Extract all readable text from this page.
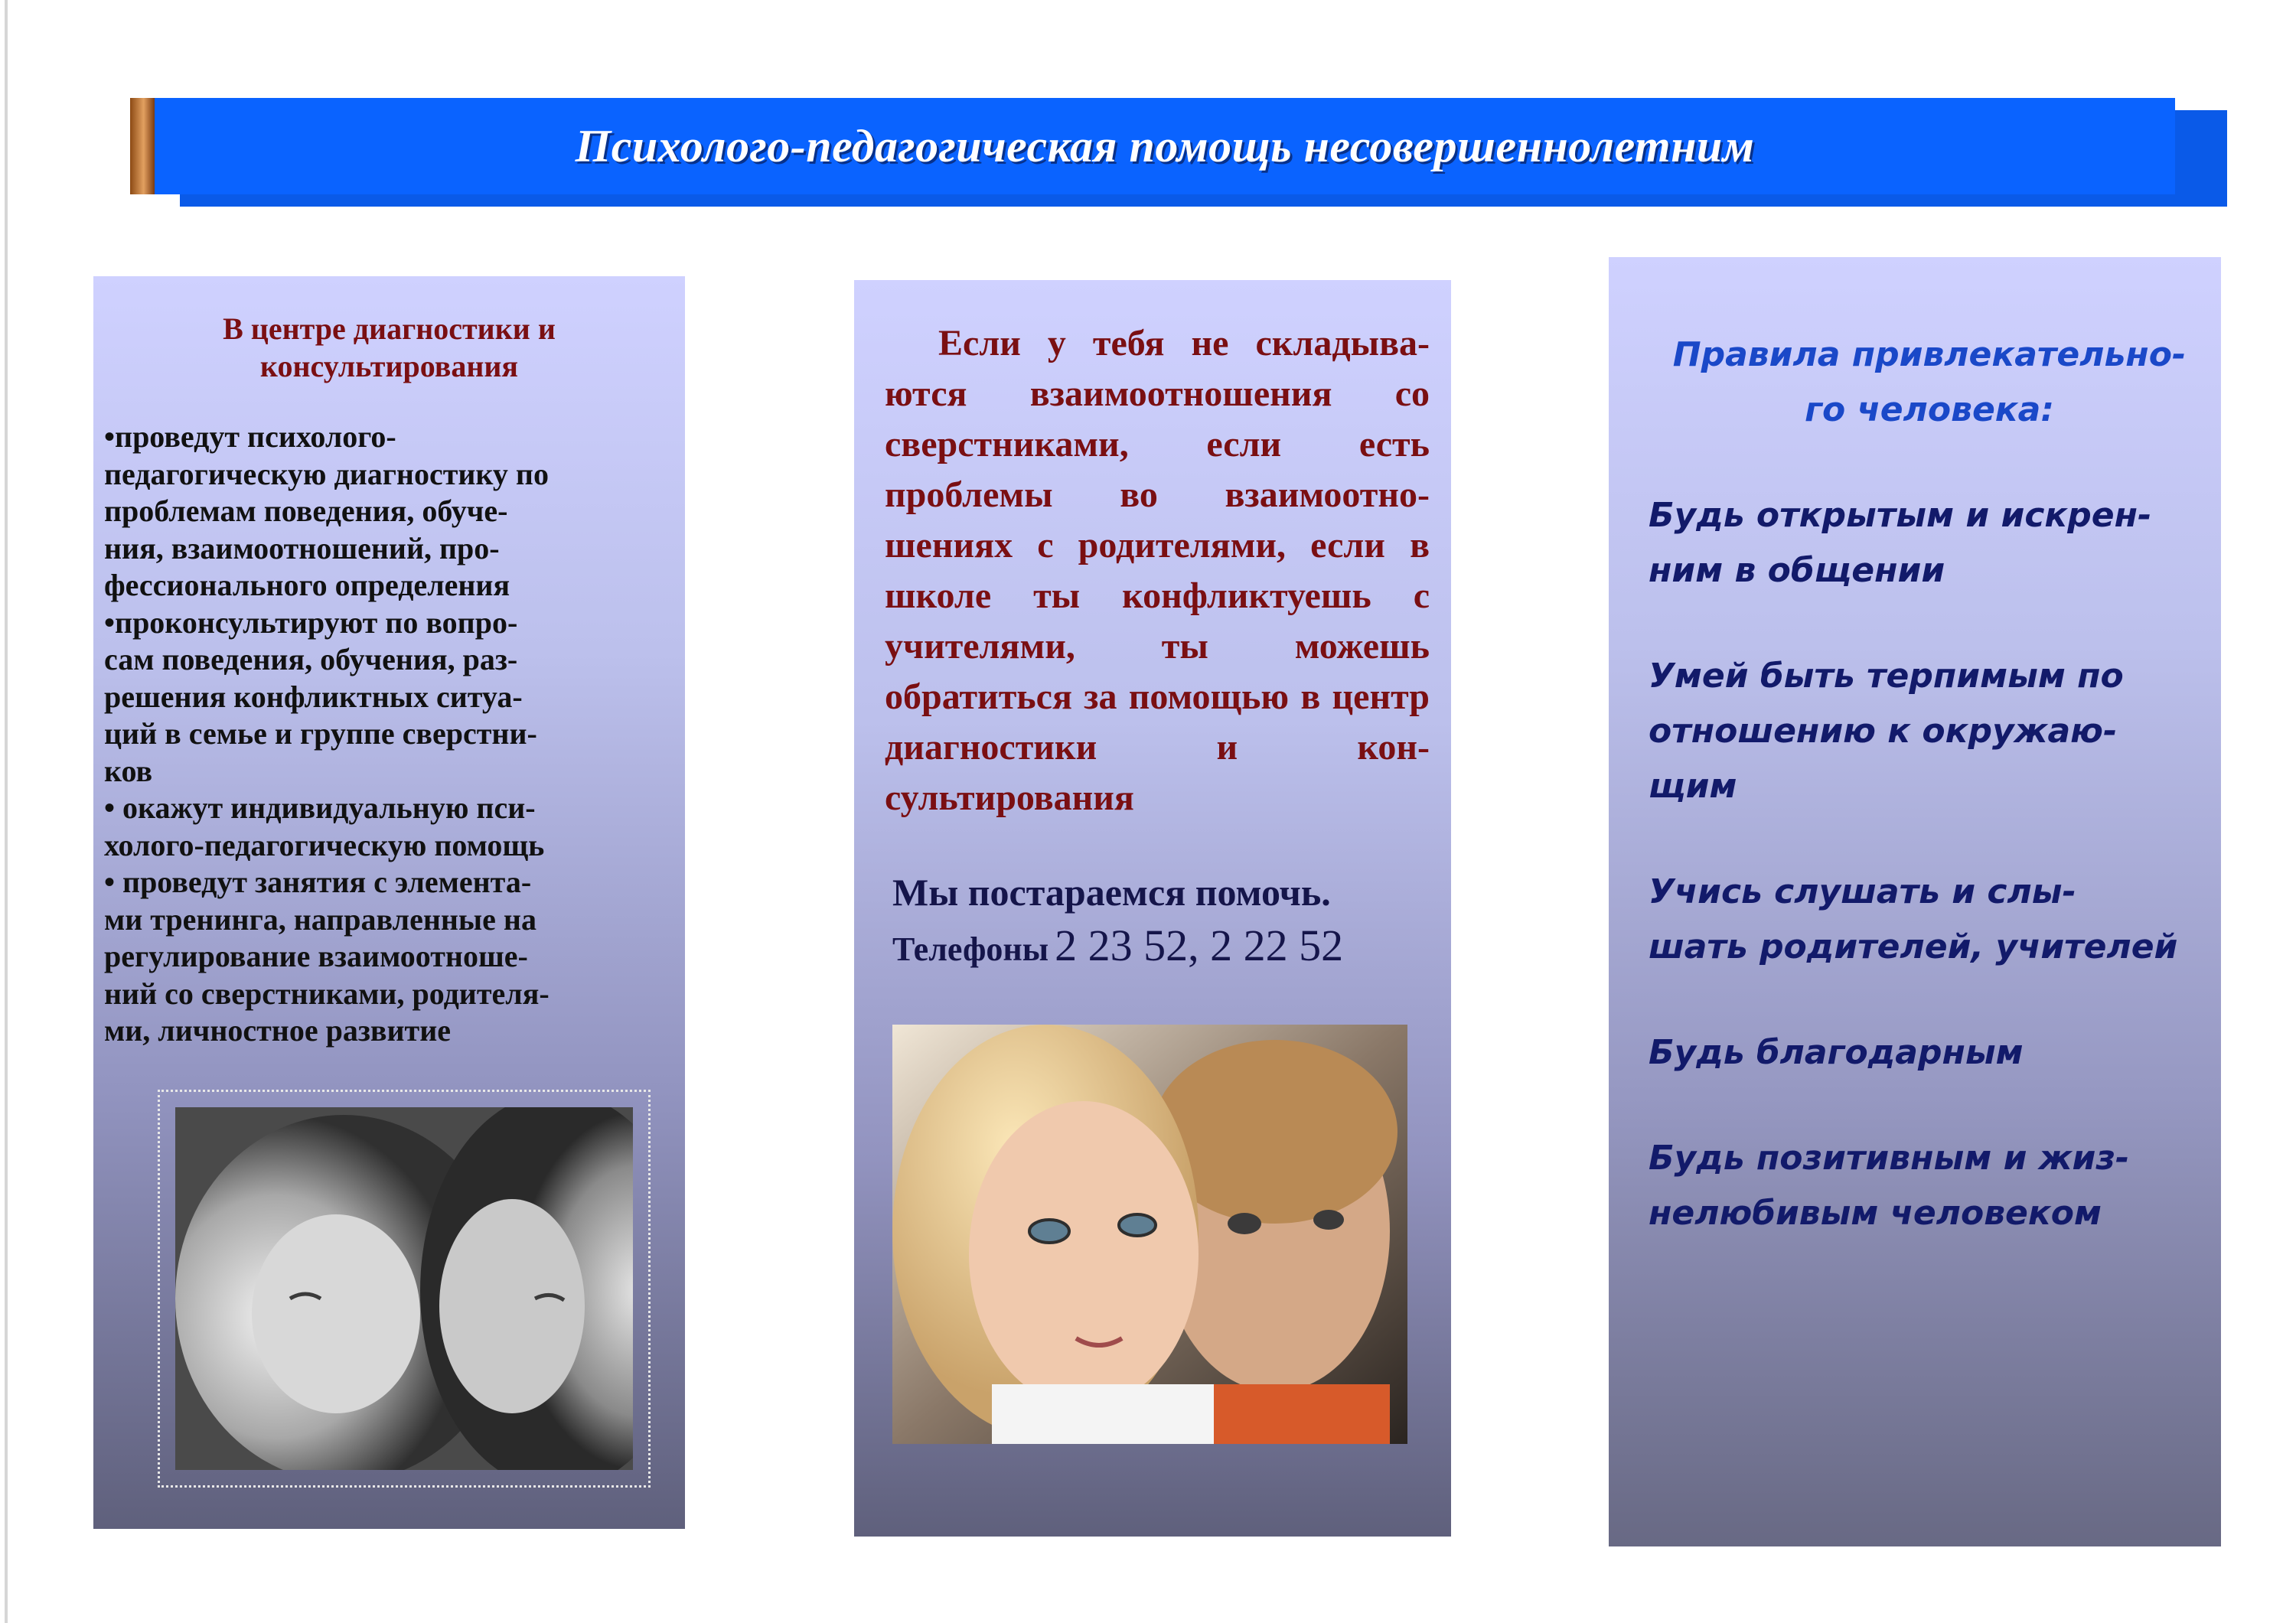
Психолого-педагогическая помощь несовершеннолетним
В центре диагностики и
консультирования
•проведут психолого-
педагогическую диагностику по
проблемам поведения, обуче-
ния, взаимоотношений, про-
фессионального определения
•проконсультируют по вопро-
сам поведения, обучения, раз-
решения конфликтных ситуа-
ций в семье и группе сверстни-
ков
• окажут индивидуальную пси-
холого-педагогическую помощь
• проведут занятия с элемента-
ми тренинга, направленные на
регулирование взаимоотноше-
ний со сверстниками, родителя-
ми, личностное развитие

Если у тебя не складыва-ются взаимоотношения со сверстниками, если есть проблемы во взаимоотно-шениях с родителями, если в школе ты конфликтуешь с учителями, ты можешь обратиться за помощью в центр диагностики и кон-сультирования

Мы постараемся помочь.
Телефоны 2 23 52, 2 22 52
Правила привлекательно-
го человека:
Будь открытым и искрен-
ним в общении
Умей быть терпимым по
отношению к окружаю-
щим
Учись слушать и слы-
шать родителей, учителей
Будь благодарным
Будь позитивным и жиз-
нелюбивым человеком
